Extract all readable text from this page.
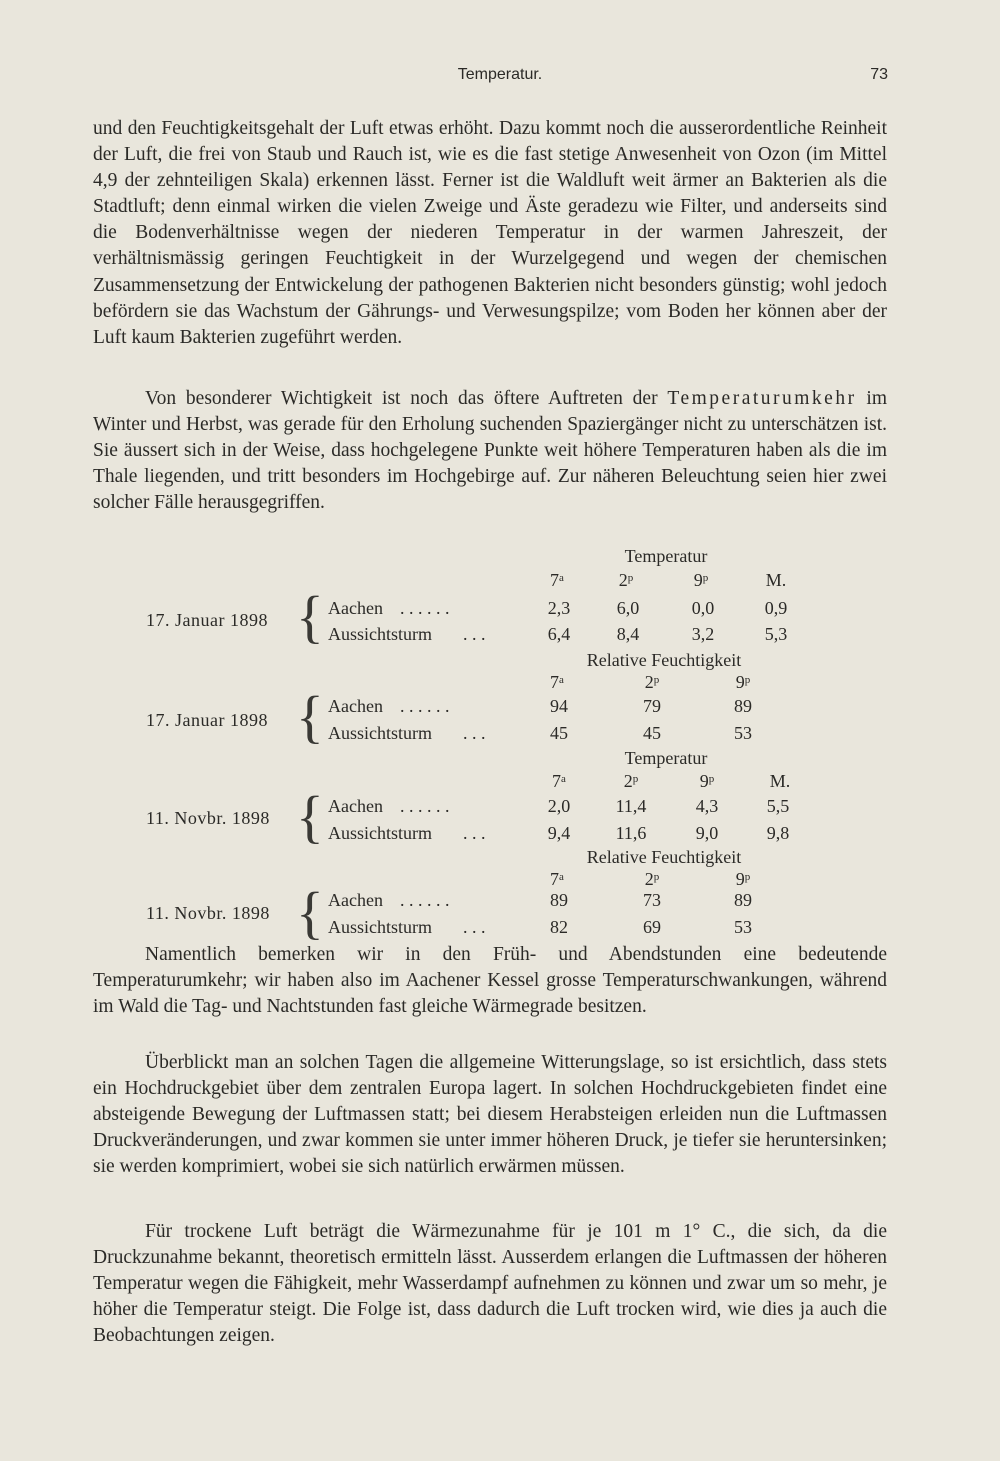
Temperatur.	73

und den Feuchtigkeitsgehalt der Luft etwas erhöht. Dazu kommt noch die ausserordentliche Reinheit der Luft, die frei von Staub und Rauch ist, wie es die fast stetige Anwesenheit von Ozon (im Mittel 4,9 der zehnteiligen Skala) erkennen lässt. Ferner ist die Waldluft weit ärmer an Bakterien als die Stadtluft; denn einmal wirken die vielen Zweige und Äste geradezu wie Filter, und anderseits sind die Bodenverhältnisse wegen der niederen Temperatur in der warmen Jahreszeit, der verhältnismässig geringen Feuchtigkeit in der Wurzelgegend und wegen der chemischen Zusammensetzung der Entwickelung der pathogenen Bakterien nicht besonders günstig; wohl jedoch befördern sie das Wachstum der Gährungs- und Verwesungspilze; vom Boden her können aber der Luft kaum Bakterien zugeführt werden.

Von besonderer Wichtigkeit ist noch das öftere Auftreten der Temperaturumkehr im Winter und Herbst, was gerade für den Erholung suchenden Spaziergänger nicht zu unterschätzen ist. Sie äussert sich in der Weise, dass hochgelegene Punkte weit höhere Temperaturen haben als die im Thale liegenden, und tritt besonders im Hochgebirge auf. Zur näheren Beleuchtung seien hier zwei solcher Fälle herausgegriffen.

Temperatur
7$^a$	2$^p$	9$^p$	M.
17. Januar 1898 { Aachen . . . . . .	2,3	6,0	0,0	0,9
Aussichtsturm . . .	6,4	8,4	3,2	5,3
Relative Feuchtigkeit
7$^a$	2$^p$	9$^p$
17. Januar 1898 { Aachen . . . . . .	94	79	89
Aussichtsturm . . .	45	45	53
Temperatur
7$^a$	2$^p$	9$^p$	M.
11. Novbr. 1898 { Aachen . . . . . .	2,0	11,4	4,3	5,5
Aussichtsturm . . .	9,4	11,6	9,0	9,8
Relative Feuchtigkeit
7$^a$	2$^p$	9$^p$
11. Novbr. 1898 { Aachen . . . . . .	89	73	89
Aussichtsturm . . .	82	69	53

Namentlich bemerken wir in den Früh- und Abendstunden eine bedeutende Temperaturumkehr; wir haben also im Aachener Kessel grosse Temperaturschwankungen, während im Wald die Tag- und Nachtstunden fast gleiche Wärmegrade besitzen.

Überblickt man an solchen Tagen die allgemeine Witterungslage, so ist ersichtlich, dass stets ein Hochdruckgebiet über dem zentralen Europa lagert. In solchen Hochdruckgebieten findet eine absteigende Bewegung der Luftmassen statt; bei diesem Herabsteigen erleiden nun die Luftmassen Druckveränderungen, und zwar kommen sie unter immer höheren Druck, je tiefer sie heruntersinken; sie werden komprimiert, wobei sie sich natürlich erwärmen müssen.

Für trockene Luft beträgt die Wärmezunahme für je 101 m 1° C., die sich, da die Druckzunahme bekannt, theoretisch ermitteln lässt. Ausserdem erlangen die Luftmassen der höheren Temperatur wegen die Fähigkeit, mehr Wasserdampf aufnehmen zu können und zwar um so mehr, je höher die Temperatur steigt. Die Folge ist, dass dadurch die Luft trocken wird, wie dies ja auch die Beobachtungen zeigen.
